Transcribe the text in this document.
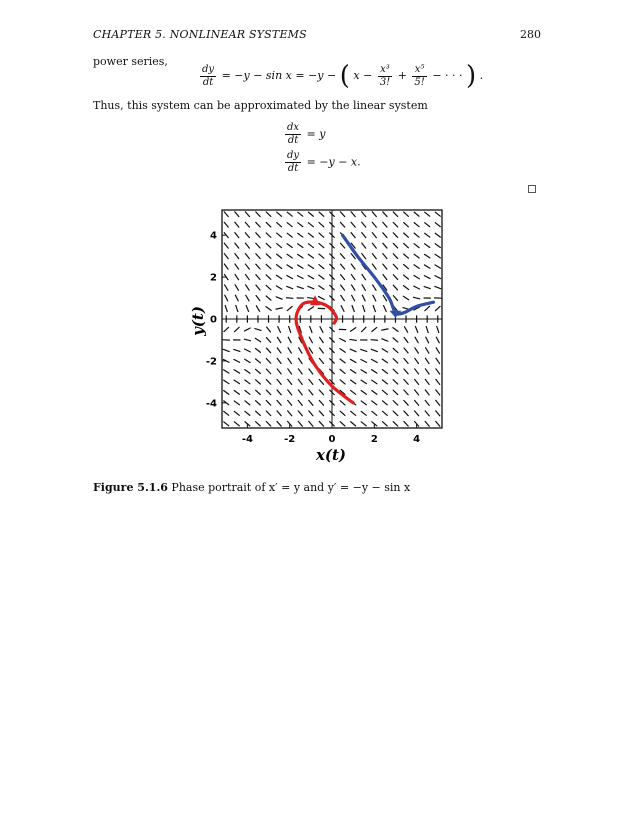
CHAPTER 5. NONLINEAR SYSTEMS	280
power series,
$\frac{dy}{dt} = -y - \sin x = -y$ − ( $x - \frac{\text{x³}}{3!} + \frac{\text{x⁵}}{5!}$ − · · · ) .
Thus, this system can be approximated by the linear system
$\frac{dx}{dt} = y$
$\frac{dy}{dt} = -y - x$.
-4	-2	0	2	4
-4
-2
0
2
4
x(t)
y(t)
Figure 5.1.6 Phase portrait of x′ = y and y′ = −y − sin x
